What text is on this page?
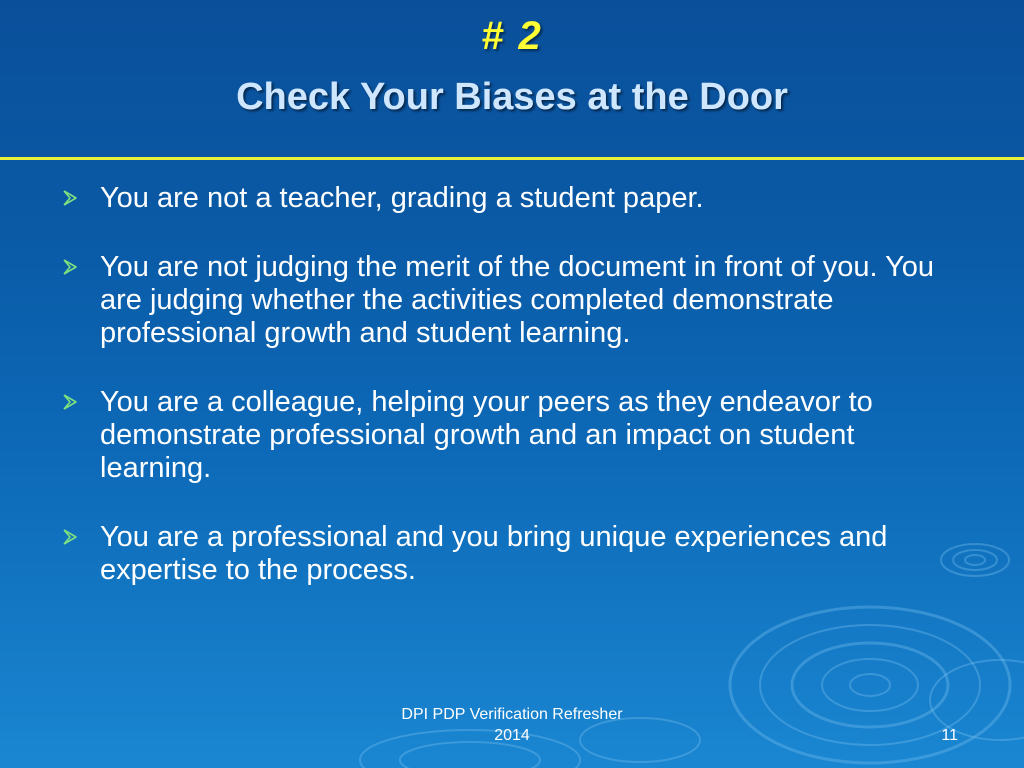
# 2
Check Your Biases at the Door
You are not a teacher, grading a student paper.
You are not judging the merit of the document in front of you. You are judging whether the activities completed demonstrate professional growth and student learning.
You are a colleague, helping your peers as they endeavor to demonstrate professional growth and an impact on student learning.
You are a professional and you bring unique experiences and expertise to the process.
DPI PDP Verification Refresher
2014	11
